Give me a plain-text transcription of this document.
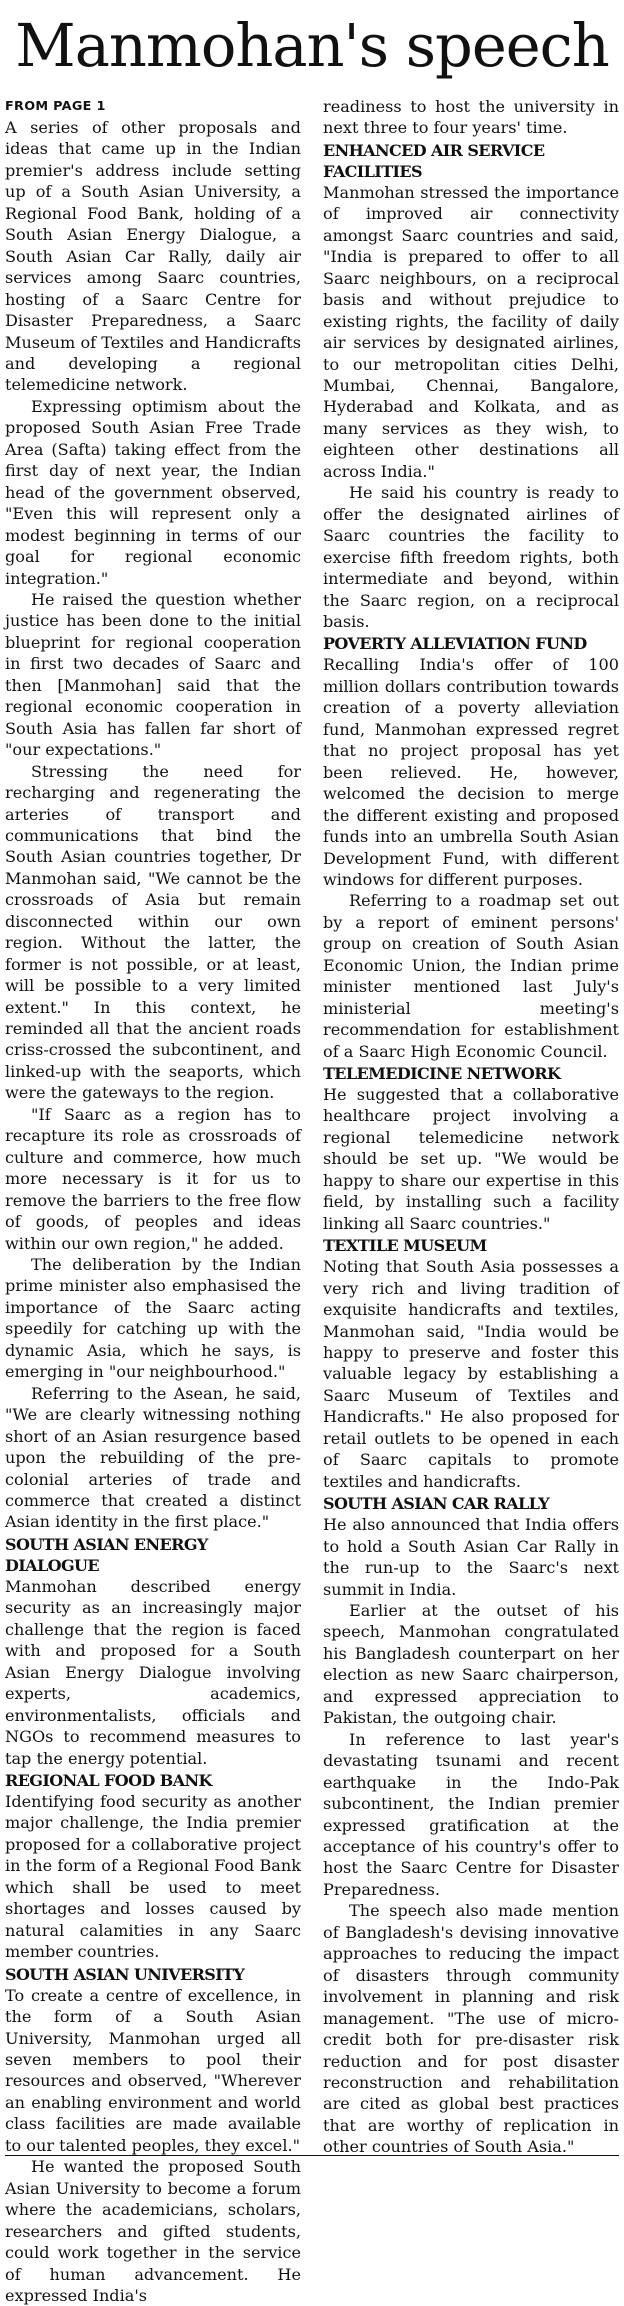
Manmohan's speech
FROM PAGE 1

A series of other proposals and ideas that came up in the Indian premier's address include setting up of a South Asian University, a Regional Food Bank, holding of a South Asian Energy Dialogue, a South Asian Car Rally, daily air services among Saarc countries, hosting of a Saarc Centre for Disaster Preparedness, a Saarc Museum of Textiles and Handicrafts and developing a regional telemedicine network.

Expressing optimism about the proposed South Asian Free Trade Area (Safta) taking effect from the first day of next year, the Indian head of the government observed, "Even this will represent only a modest beginning in terms of our goal for regional economic integration."

He raised the question whether justice has been done to the initial blueprint for regional cooperation in first two decades of Saarc and then [Manmohan] said that the regional economic cooperation in South Asia has fallen far short of "our expectations."

Stressing the need for recharging and regenerating the arteries of transport and communications that bind the South Asian countries together, Dr Manmohan said, "We cannot be the crossroads of Asia but remain disconnected within our own region. Without the latter, the former is not possible, or at least, will be possible to a very limited extent." In this context, he reminded all that the ancient roads criss-crossed the subcontinent, and linked-up with the seaports, which were the gateways to the region.

"If Saarc as a region has to recapture its role as crossroads of culture and commerce, how much more necessary is it for us to remove the barriers to the free flow of goods, of peoples and ideas within our own region," he added.

The deliberation by the Indian prime minister also emphasised the importance of the Saarc acting speedily for catching up with the dynamic Asia, which he says, is emerging in "our neighbourhood."

Referring to the Asean, he said, "We are clearly witnessing nothing short of an Asian resurgence based upon the rebuilding of the pre-colonial arteries of trade and commerce that created a distinct Asian identity in the first place."

SOUTH ASIAN ENERGY DIALOGUE

Manmohan described energy security as an increasingly major challenge that the region is faced with and proposed for a South Asian Energy Dialogue involving experts, academics, environmentalists, officials and NGOs to recommend measures to tap the energy potential.

REGIONAL FOOD BANK

Identifying food security as another major challenge, the India premier proposed for a collaborative project in the form of a Regional Food Bank which shall be used to meet shortages and losses caused by natural calamities in any Saarc member countries.

SOUTH ASIAN UNIVERSITY

To create a centre of excellence, in the form of a South Asian University, Manmohan urged all seven members to pool their resources and observed, "Wherever an enabling environment and world class facilities are made available to our talented peoples, they excel."

He wanted the proposed South Asian University to become a forum where the academicians, scholars, researchers and gifted students, could work together in the service of human advancement. He expressed India's

readiness to host the university in next three to four years' time.

ENHANCED AIR SERVICE FACILITIES

Manmohan stressed the importance of improved air connectivity amongst Saarc countries and said, "India is prepared to offer to all Saarc neighbours, on a reciprocal basis and without prejudice to existing rights, the facility of daily air services by designated airlines, to our metropolitan cities Delhi, Mumbai, Chennai, Bangalore, Hyderabad and Kolkata, and as many services as they wish, to eighteen other destinations all across India."

He said his country is ready to offer the designated airlines of Saarc countries the facility to exercise fifth freedom rights, both intermediate and beyond, within the Saarc region, on a reciprocal basis.

POVERTY ALLEVIATION FUND

Recalling India's offer of 100 million dollars contribution towards creation of a poverty alleviation fund, Manmohan expressed regret that no project proposal has yet been relieved. He, however, welcomed the decision to merge the different existing and proposed funds into an umbrella South Asian Development Fund, with different windows for different purposes.

Referring to a roadmap set out by a report of eminent persons' group on creation of South Asian Economic Union, the Indian prime minister mentioned last July's ministerial meeting's recommendation for establishment of a Saarc High Economic Council.

TELEMEDICINE NETWORK

He suggested that a collaborative healthcare project involving a regional telemedicine network should be set up. "We would be happy to share our expertise in this field, by installing such a facility linking all Saarc countries."

TEXTILE MUSEUM

Noting that South Asia possesses a very rich and living tradition of exquisite handicrafts and textiles, Manmohan said, "India would be happy to preserve and foster this valuable legacy by establishing a Saarc Museum of Textiles and Handicrafts." He also proposed for retail outlets to be opened in each of Saarc capitals to promote textiles and handicrafts.

SOUTH ASIAN CAR RALLY

He also announced that India offers to hold a South Asian Car Rally in the run-up to the Saarc's next summit in India.

Earlier at the outset of his speech, Manmohan congratulated his Bangladesh counterpart on her election as new Saarc chairperson, and expressed appreciation to Pakistan, the outgoing chair.

In reference to last year's devastating tsunami and recent earthquake in the Indo-Pak subcontinent, the Indian premier expressed gratification at the acceptance of his country's offer to host the Saarc Centre for Disaster Preparedness.

The speech also made mention of Bangladesh's devising innovative approaches to reducing the impact of disasters through community involvement in planning and risk management. "The use of micro-credit both for pre-disaster risk reduction and for post disaster reconstruction and rehabilitation are cited as global best practices that are worthy of replication in other countries of South Asia."
